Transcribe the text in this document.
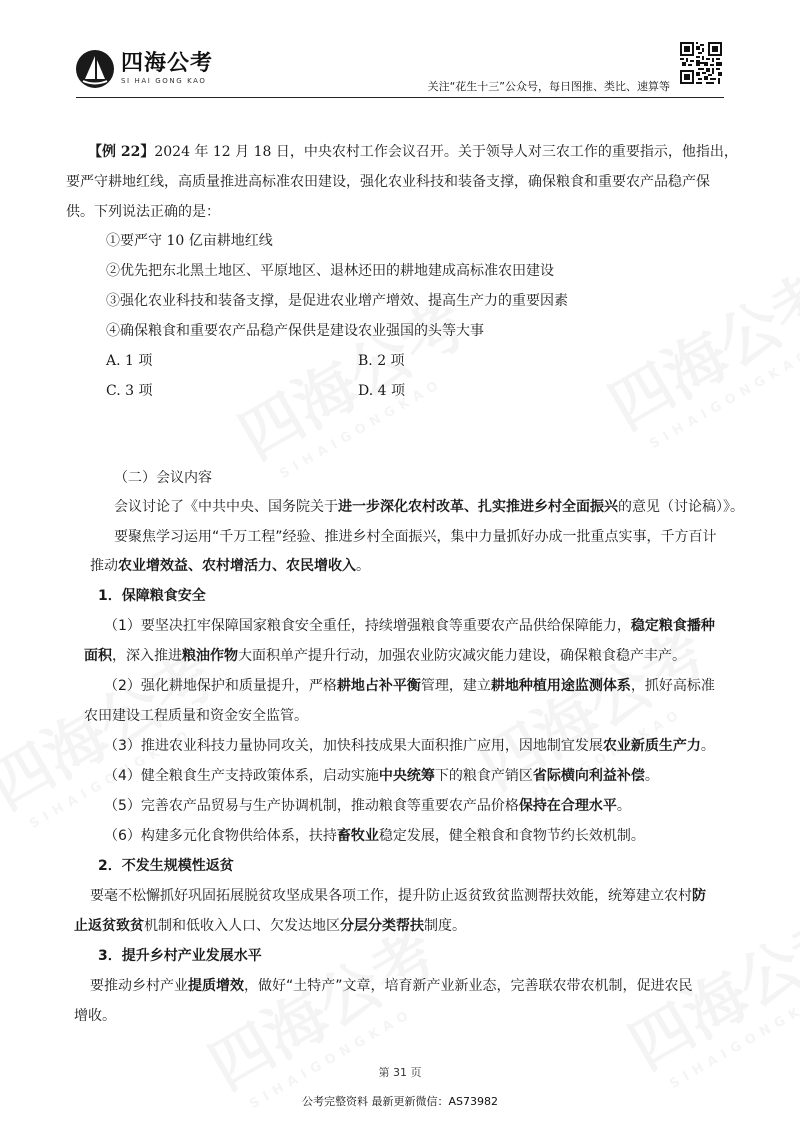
四海公考
SI HAI GONG KAO	关注“花生十三”公众号，每日图推、类比、速算等
【例 22】2024 年 12 月 18 日，中央农村工作会议召开。关于领导人对三农工作的重要指示，他指出，
要严守耕地红线，高质量推进高标准农田建设，强化农业科技和装备支撑，确保粮食和重要农产品稳产保
供。下列说法正确的是：
①要严守 10 亿亩耕地红线
②优先把东北黑土地区、平原地区、退林还田的耕地建成高标准农田建设
③强化农业科技和装备支撑，是促进农业增产增效、提高生产力的重要因素
④确保粮食和重要农产品稳产保供是建设农业强国的头等大事
A. 1 项	B. 2 项
C. 3 项	D. 4 项
（二）会议内容
会议讨论了《中共中央、国务院关于进一步深化农村改革、扎实推进乡村全面振兴的意见（讨论稿）》。
要聚焦学习运用“千万工程”经验、推进乡村全面振兴，集中力量抓好办成一批重点实事，千方百计
推动农业增效益、农村增活力、农民增收入。
1．保障粮食安全
（1）要坚决扛牢保障国家粮食安全重任，持续增强粮食等重要农产品供给保障能力，稳定粮食播种
面积，深入推进粮油作物大面积单产提升行动，加强农业防灾减灾能力建设，确保粮食稳产丰产。
（2）强化耕地保护和质量提升，严格耕地占补平衡管理，建立耕地种植用途监测体系，抓好高标准
农田建设工程质量和资金安全监管。
（3）推进农业科技力量协同攻关，加快科技成果大面积推广应用，因地制宜发展农业新质生产力。
（4）健全粮食生产支持政策体系，启动实施中央统筹下的粮食产销区省际横向利益补偿。
（5）完善农产品贸易与生产协调机制，推动粮食等重要农产品价格保持在合理水平。
（6）构建多元化食物供给体系，扶持畜牧业稳定发展，健全粮食和食物节约长效机制。
2．不发生规模性返贫
要毫不松懈抓好巩固拓展脱贫攻坚成果各项工作，提升防止返贫致贫监测帮扶效能，统筹建立农村防
止返贫致贫机制和低收入人口、欠发达地区分层分类帮扶制度。
3．提升乡村产业发展水平
要推动乡村产业提质增效，做好“土特产”文章，培育新产业新业态，完善联农带农机制，促进农民
增收。
第 31 页
公考完整资料 最新更新微信：AS73982
